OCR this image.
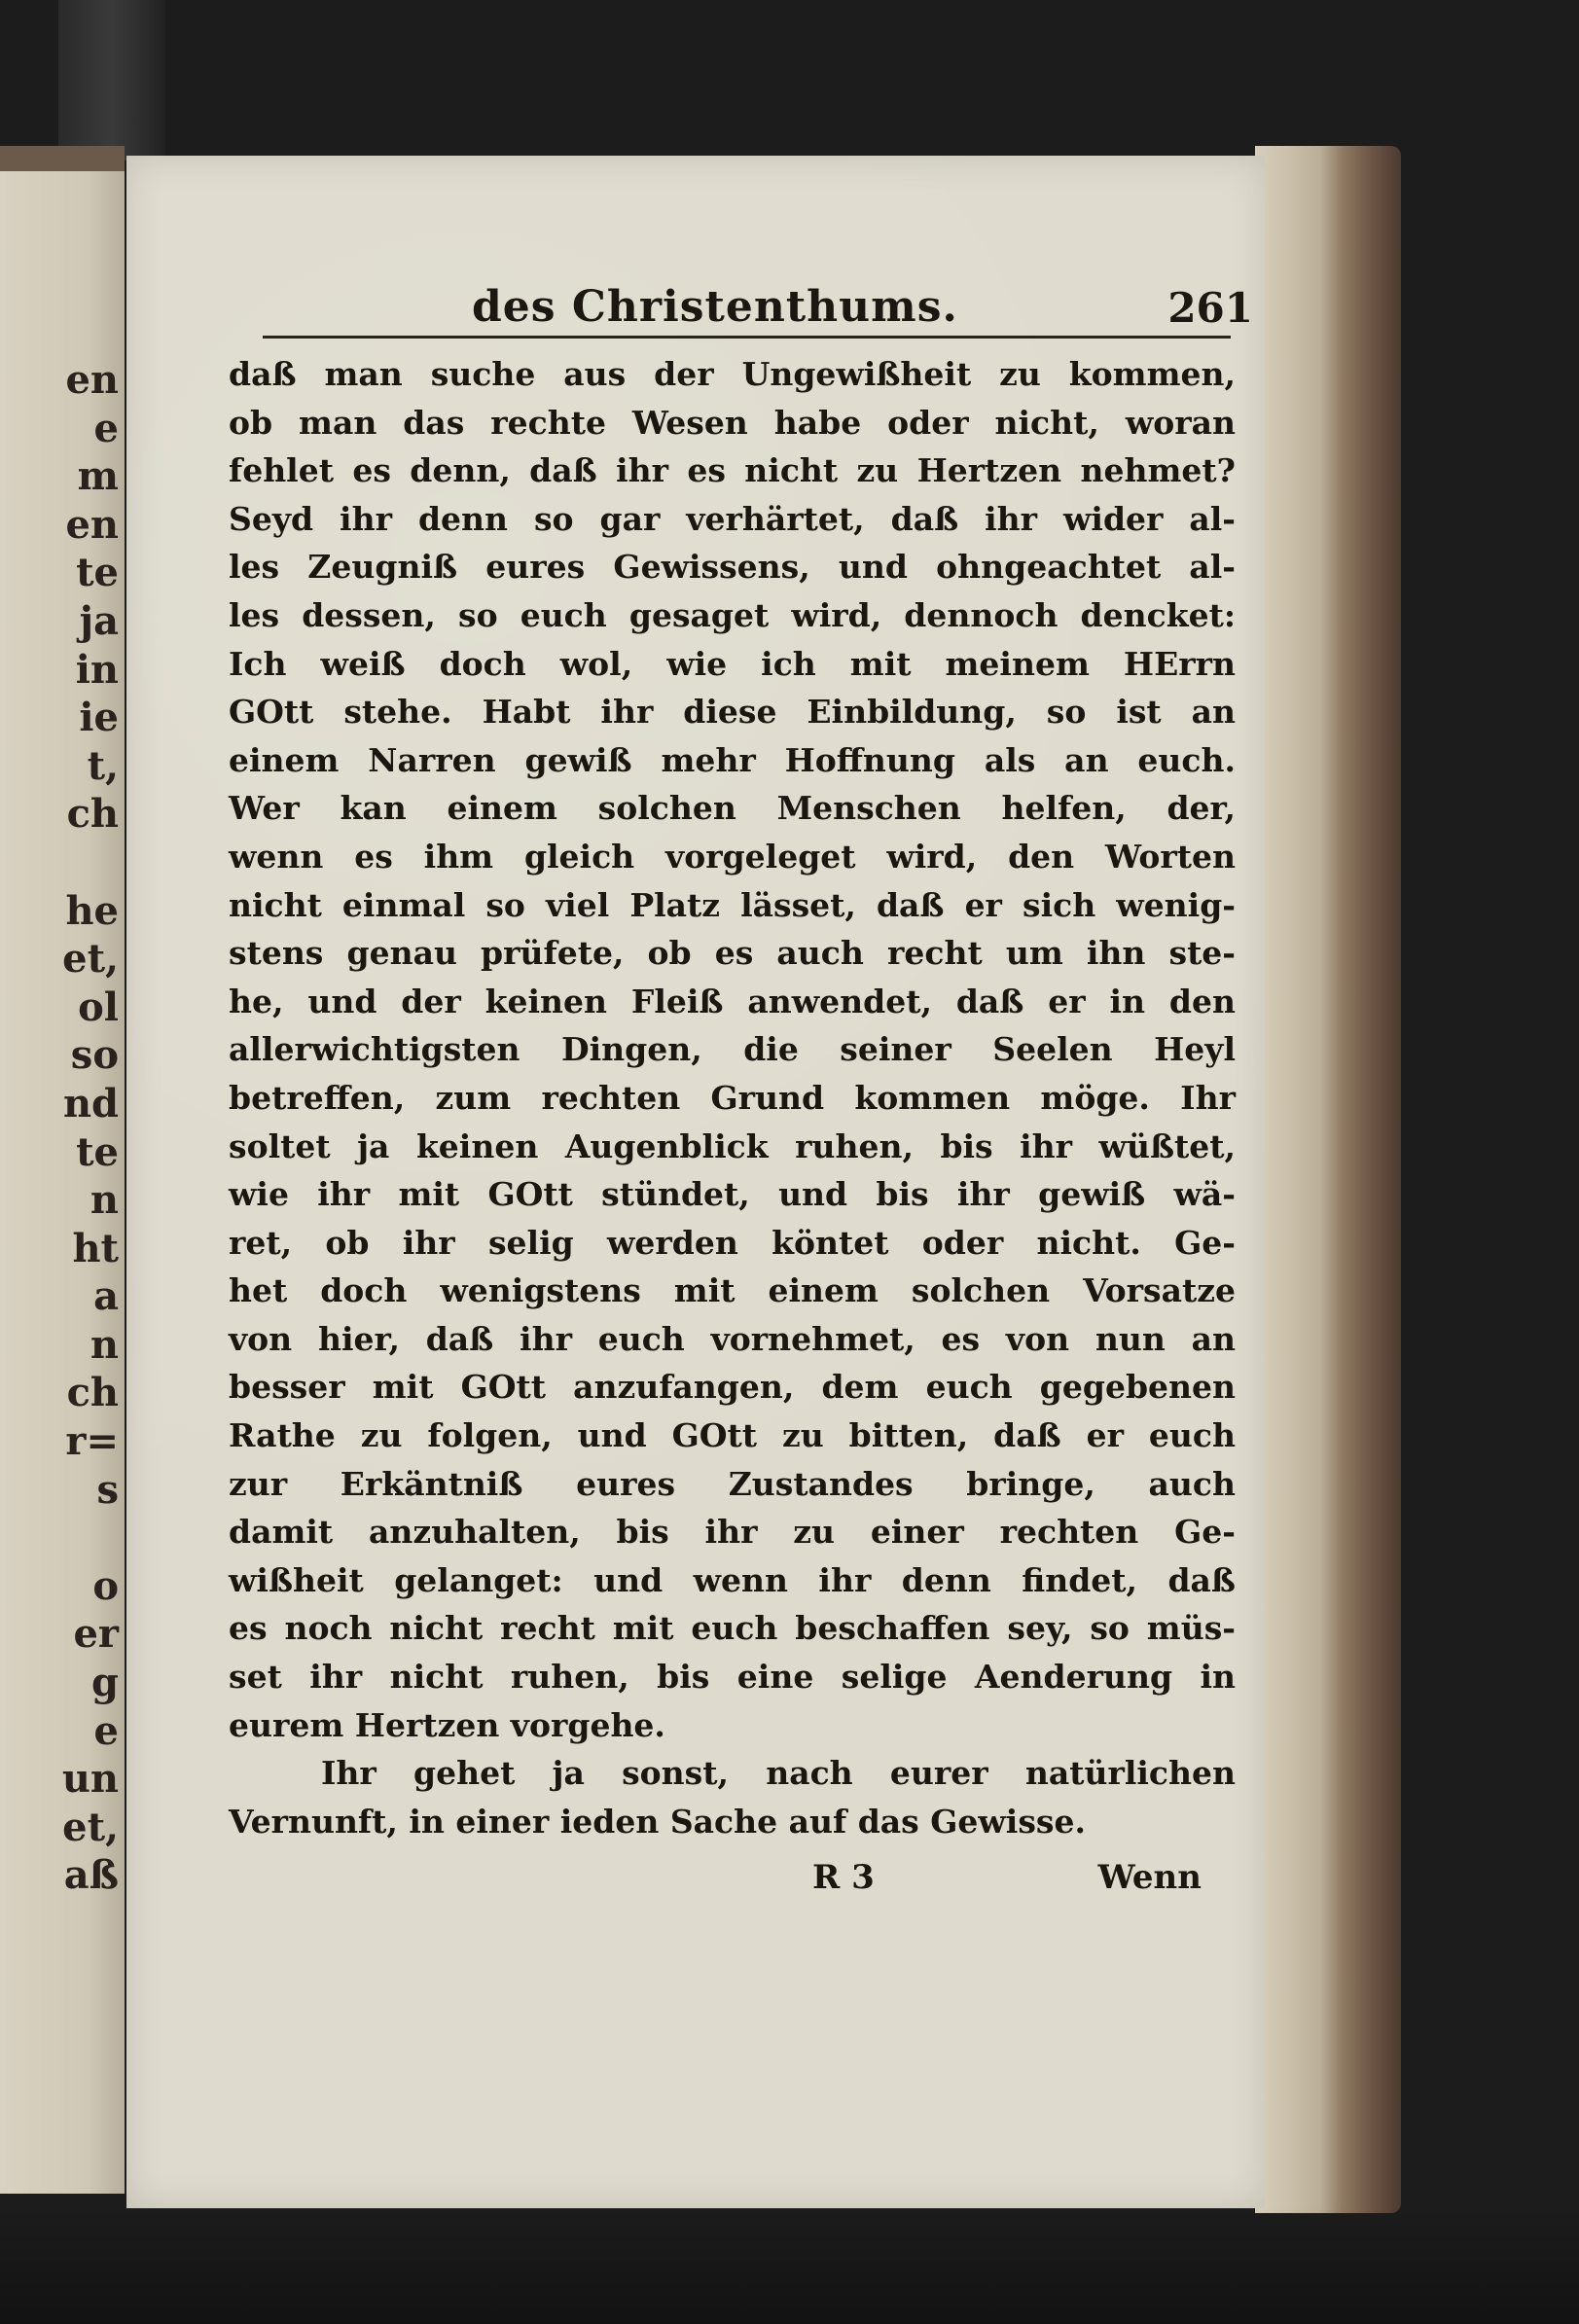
en
e
m
en
te
ja
in
ie
t,
ch

he
et,
ol
so
nd
te
n
ht
a
n
ch
r=
s

o
er
g
e
un
et,
aß
des Christenthums.	261
daß man suche aus der Ungewißheit zu kommen,
ob man das rechte Wesen habe oder nicht, woran
fehlet es denn, daß ihr es nicht zu Hertzen nehmet?
Seyd ihr denn so gar verhärtet, daß ihr wider al-
les Zeugniß eures Gewissens, und ohngeachtet al-
les dessen, so euch gesaget wird, dennoch dencket:
Ich weiß doch wol, wie ich mit meinem HErrn
GOtt stehe. Habt ihr diese Einbildung, so ist an
einem Narren gewiß mehr Hoffnung als an euch.
Wer kan einem solchen Menschen helfen, der,
wenn es ihm gleich vorgeleget wird, den Worten
nicht einmal so viel Platz lässet, daß er sich wenig-
stens genau prüfete, ob es auch recht um ihn ste-
he, und der keinen Fleiß anwendet, daß er in den
allerwichtigsten Dingen, die seiner Seelen Heyl
betreffen, zum rechten Grund kommen möge. Ihr
soltet ja keinen Augenblick ruhen, bis ihr wüßtet,
wie ihr mit GOtt stündet, und bis ihr gewiß wä-
ret, ob ihr selig werden köntet oder nicht. Ge-
het doch wenigstens mit einem solchen Vorsatze
von hier, daß ihr euch vornehmet, es von nun an
besser mit GOtt anzufangen, dem euch gegebenen
Rathe zu folgen, und GOtt zu bitten, daß er euch
zur Erkäntniß eures Zustandes bringe, auch
damit anzuhalten, bis ihr zu einer rechten Ge-
wißheit gelanget: und wenn ihr denn findet, daß
es noch nicht recht mit euch beschaffen sey, so müs-
set ihr nicht ruhen, bis eine selige Aenderung in
eurem Hertzen vorgehe.
Ihr gehet ja sonst, nach eurer natürlichen
Vernunft, in einer ieden Sache auf das Gewisse.
R 3	Wenn
